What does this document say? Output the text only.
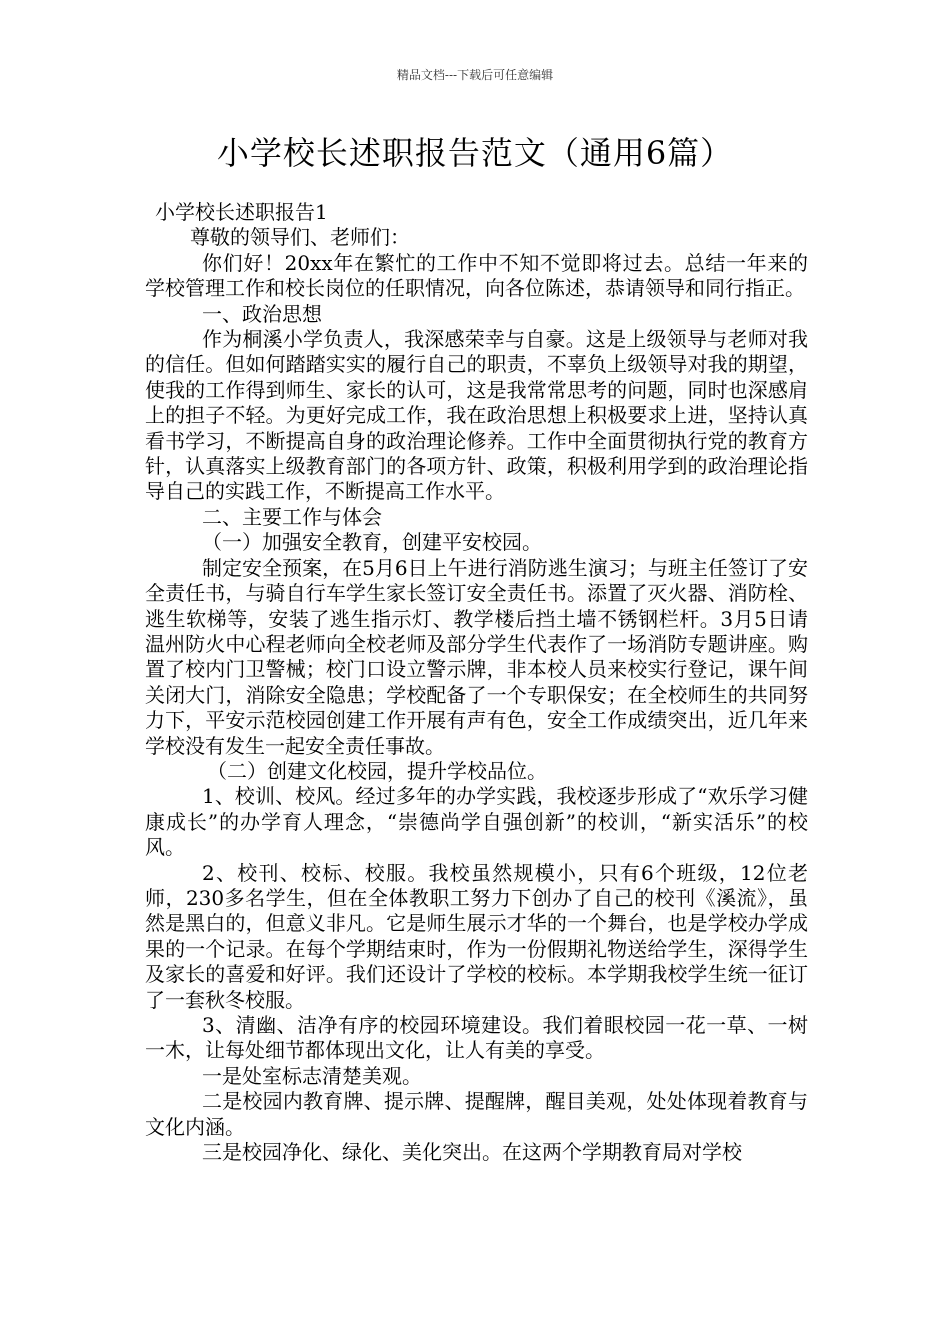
精品文档---下载后可任意编辑
小学校长述职报告范文（通用6篇）

小学校长述职报告1

尊敬的领导们、老师们：

你们好！20xx年在繁忙的工作中不知不觉即将过去。总结一年来的学校管理工作和校长岗位的任职情况，向各位陈述，恭请领导和同行指正。

一、政治思想

作为桐溪小学负责人，我深感荣幸与自豪。这是上级领导与老师对我的信任。但如何踏踏实实的履行自己的职责，不辜负上级领导对我的期望，使我的工作得到师生、家长的认可，这是我常常思考的问题，同时也深感肩上的担子不轻。为更好完成工作，我在政治思想上积极要求上进，坚持认真看书学习，不断提高自身的政治理论修养。工作中全面贯彻执行党的教育方针，认真落实上级教育部门的各项方针、政策，积极利用学到的政治理论指导自己的实践工作，不断提高工作水平。

二、主要工作与体会

（一）加强安全教育，创建平安校园。

制定安全预案，在5月6日上午进行消防逃生演习；与班主任签订了安全责任书，与骑自行车学生家长签订安全责任书。添置了灭火器、消防栓、逃生软梯等，安装了逃生指示灯、教学楼后挡土墙不锈钢栏杆。3月5日请温州防火中心程老师向全校老师及部分学生代表作了一场消防专题讲座。购置了校内门卫警械；校门口设立警示牌，非本校人员来校实行登记，课午间关闭大门，消除安全隐患；学校配备了一个专职保安；在全校师生的共同努力下，平安示范校园创建工作开展有声有色，安全工作成绩突出，近几年来学校没有发生一起安全责任事故。

（二）创建文化校园，提升学校品位。

1、校训、校风。经过多年的办学实践，我校逐步形成了“欢乐学习健康成长”的办学育人理念，“崇德尚学自强创新”的校训，“新实活乐”的校风。

2、校刊、校标、校服。我校虽然规模小，只有6个班级，12位老师，230多名学生，但在全体教职工努力下创办了自己的校刊《溪流》，虽然是黑白的，但意义非凡。它是师生展示才华的一个舞台，也是学校办学成果的一个记录。在每个学期结束时，作为一份假期礼物送给学生，深得学生及家长的喜爱和好评。我们还设计了学校的校标。本学期我校学生统一征订了一套秋冬校服。

3、清幽、洁净有序的校园环境建设。我们着眼校园一花一草、一树一木，让每处细节都体现出文化，让人有美的享受。

一是处室标志清楚美观。

二是校园内教育牌、提示牌、提醒牌，醒目美观，处处体现着教育与文化内涵。

三是校园净化、绿化、美化突出。在这两个学期教育局对学校
